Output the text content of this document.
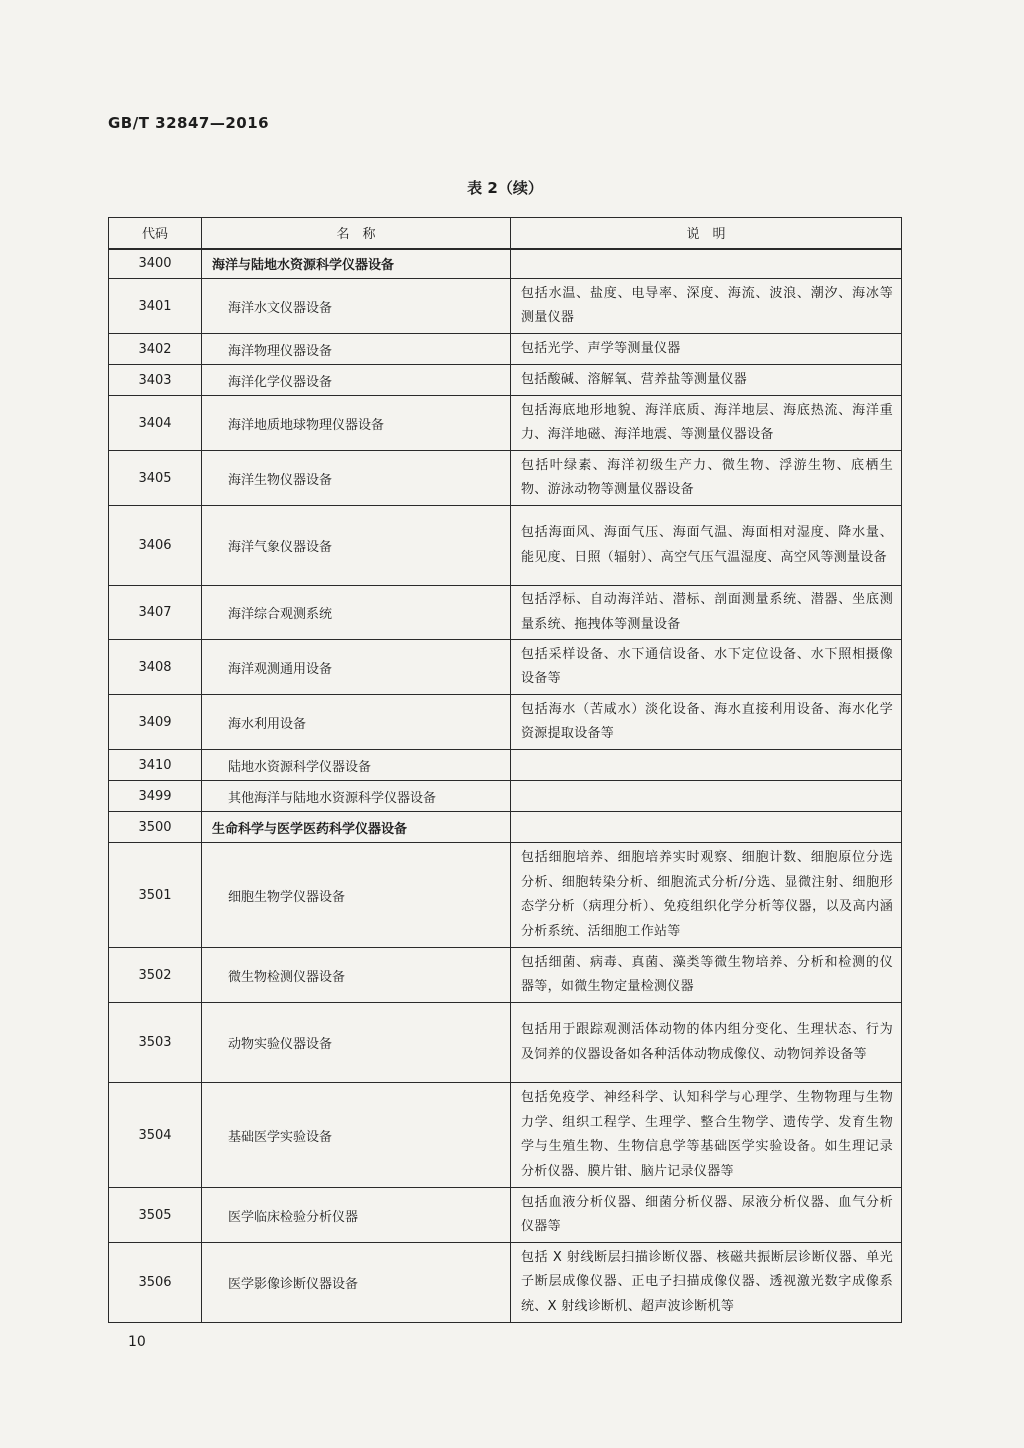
GB/T 32847—2016
表 2（续）
代码	名　称	说　明
3400	海洋与陆地水资源科学仪器设备	
3401	海洋水文仪器设备	包括水温、盐度、电导率、深度、海流、波浪、潮汐、海冰等测量仪器
3402	海洋物理仪器设备	包括光学、声学等测量仪器
3403	海洋化学仪器设备	包括酸碱、溶解氧、营养盐等测量仪器
3404	海洋地质地球物理仪器设备	包括海底地形地貌、海洋底质、海洋地层、海底热流、海洋重力、海洋地磁、海洋地震、等测量仪器设备
3405	海洋生物仪器设备	包括叶绿素、海洋初级生产力、微生物、浮游生物、底栖生物、游泳动物等测量仪器设备
3406	海洋气象仪器设备	包括海面风、海面气压、海面气温、海面相对湿度、降水量、能见度、日照（辐射）、高空气压气温湿度、高空风等测量设备
3407	海洋综合观测系统	包括浮标、自动海洋站、潜标、剖面测量系统、潜器、坐底测量系统、拖拽体等测量设备
3408	海洋观测通用设备	包括采样设备、水下通信设备、水下定位设备、水下照相摄像设备等
3409	海水利用设备	包括海水（苦咸水）淡化设备、海水直接利用设备、海水化学资源提取设备等
3410	陆地水资源科学仪器设备	
3499	其他海洋与陆地水资源科学仪器设备	
3500	生命科学与医学医药科学仪器设备	
3501	细胞生物学仪器设备	包括细胞培养、细胞培养实时观察、细胞计数、细胞原位分选分析、细胞转染分析、细胞流式分析/分选、显微注射、细胞形态学分析（病理分析）、免疫组织化学分析等仪器，以及高内涵分析系统、活细胞工作站等
3502	微生物检测仪器设备	包括细菌、病毒、真菌、藻类等微生物培养、分析和检测的仪器等，如微生物定量检测仪器
3503	动物实验仪器设备	包括用于跟踪观测活体动物的体内组分变化、生理状态、行为及饲养的仪器设备如各种活体动物成像仪、动物饲养设备等
3504	基础医学实验设备	包括免疫学、神经科学、认知科学与心理学、生物物理与生物力学、组织工程学、生理学、整合生物学、遗传学、发育生物学与生殖生物、生物信息学等基础医学实验设备。如生理记录分析仪器、膜片钳、脑片记录仪器等
3505	医学临床检验分析仪器	包括血液分析仪器、细菌分析仪器、尿液分析仪器、血气分析仪器等
3506	医学影像诊断仪器设备	包括 X 射线断层扫描诊断仪器、核磁共振断层诊断仪器、单光子断层成像仪器、正电子扫描成像仪器、透视激光数字成像系统、X 射线诊断机、超声波诊断机等
10
